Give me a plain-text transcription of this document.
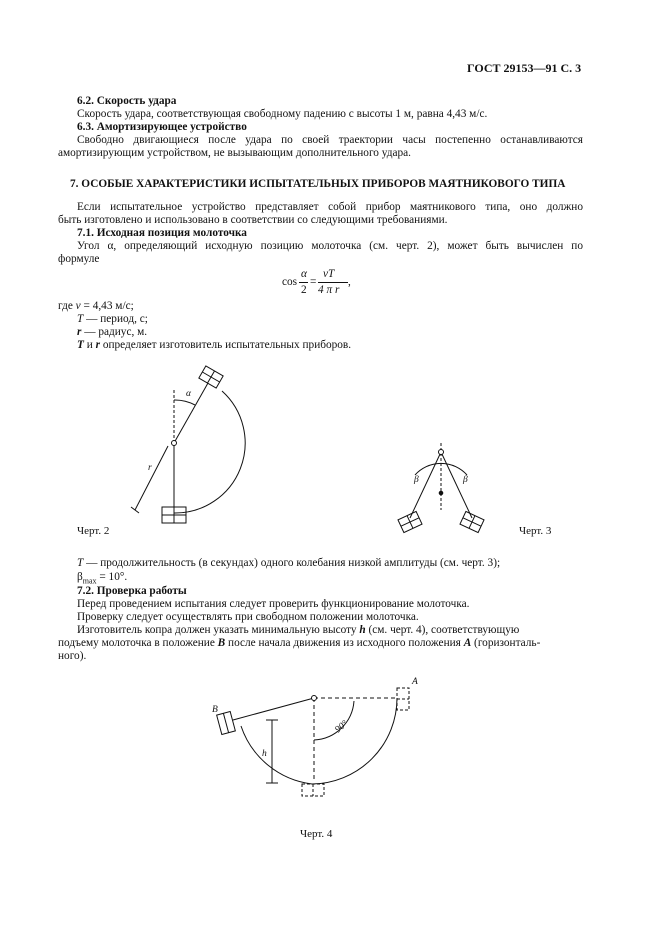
ГОСТ 29153—91 С. 3
6.2. Скорость удара
Скорость удара, соответствующая свободному падению с высоты 1 м, равна 4,43 м/с.
6.3. Амортизирующее устройство
Свободно двигающиеся после удара по своей траектории часы постепенно останавливаются
амортизирующим устройством, не вызывающим дополнительного удара.
7. ОСОБЫЕ ХАРАКТЕРИСТИКИ ИСПЫТАТЕЛЬНЫХ ПРИБОРОВ МАЯТНИКОВОГО ТИПА
Если испытательное устройство представляет собой прибор маятникового типа, оно должно
быть изготовлено и использовано в соответствии со следующими требованиями.
7.1. Исходная позиция молоточка
Угол α, определяющий исходную позицию молоточка (см. черт. 2), может быть вычислен по
формуле
cos
α
2
=
vT
4 π r
,
где v = 4,43 м/с;
T — период, с;
r — радиус, м.
T и r определяет изготовитель испытательных приборов.
α
r
β	β
A
B
h
90°
Черт. 2	Черт. 3
T — продолжительность (в секундах) одного колебания низкой амплитуды (см. черт. 3);
$\beta_{max} = 10^\circ$.
7.2. Проверка работы
Перед проведением испытания следует проверить функционирование молоточка.
Проверку следует осуществлять при свободном положении молоточка.
Изготовитель копра должен указать минимальную высоту h (см. черт. 4), соответствующую
подъему молоточка в положение B после начала движения из исходного положения A (горизонталь-
ного).
Черт. 4
